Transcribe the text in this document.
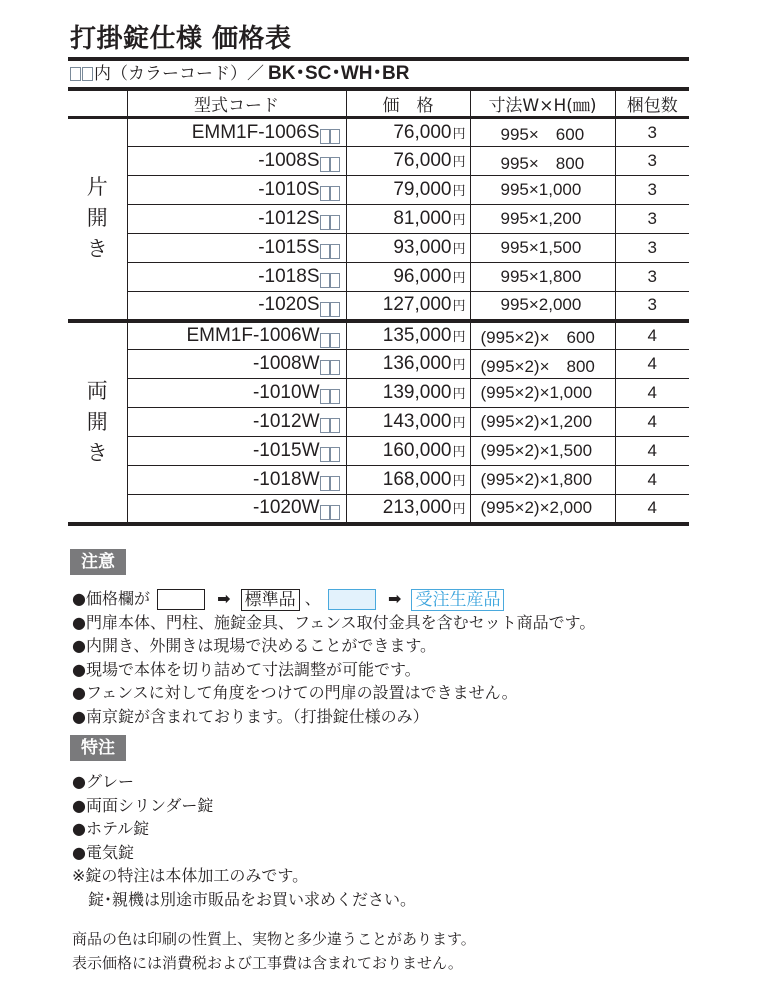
打掛錠仕様 価格表
内（カラーコード）／ BK･SC･WH･BR
	型式コード	価　格	寸法W×H(㎜)	梱包数

片
開
き	EMM1F-1006S	76,000円	995×　600	3
	-1008S	76,000円	995×　800	3
	-1010S	79,000円	995×1,000	3
	-1012S	81,000円	995×1,200	3
	-1015S	93,000円	995×1,500	3
	-1018S	96,000円	995×1,800	3
	-1020S	127,000円	995×2,000	3

両
開
き	EMM1F-1006W	135,000円	(995×2)×　600	4
	-1008W	136,000円	(995×2)×　800	4
	-1010W	139,000円	(995×2)×1,000	4
	-1012W	143,000円	(995×2)×1,200	4
	-1015W	160,000円	(995×2)×1,500	4
	-1018W	168,000円	(995×2)×1,800	4
	-1020W	213,000円	(995×2)×2,000	4
注意
●価格欄が	➡ 標準品 、	➡ 受注生産品
●門扉本体、門柱、施錠金具、フェンス取付金具を含むセット商品です。
●内開き、外開きは現場で決めることができます。
●現場で本体を切り詰めて寸法調整が可能です。
●フェンスに対して角度をつけての門扉の設置はできません。
●南京錠が含まれております。（打掛錠仕様のみ）
特注
●グレー
●両面シリンダー錠
●ホテル錠
●電気錠
※錠の特注は本体加工のみです。
　錠･親機は別途市販品をお買い求めください。
商品の色は印刷の性質上、実物と多少違うことがあります。
表示価格には消費税および工事費は含まれておりません。
